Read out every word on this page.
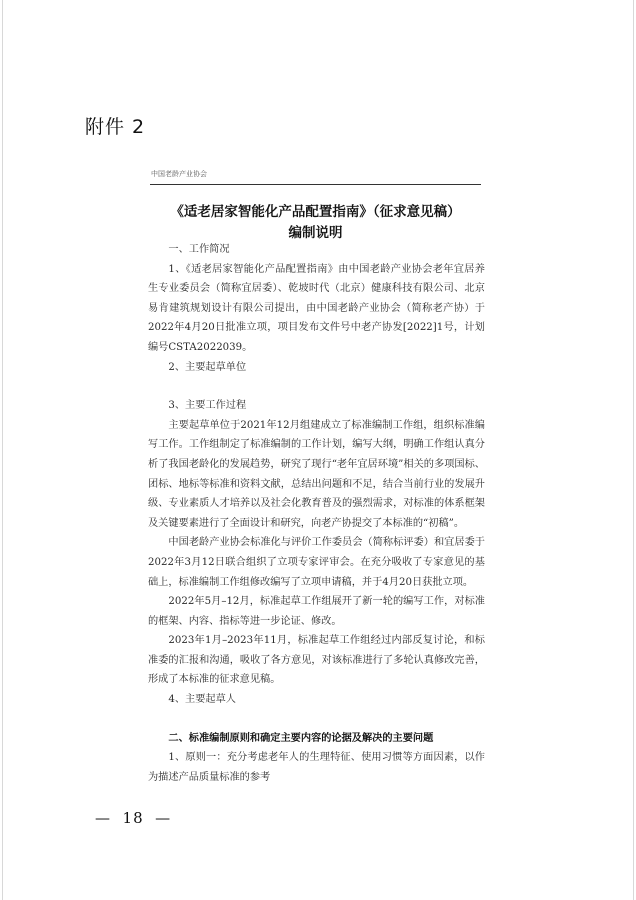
附件 2
中国老龄产业协会
《适老居家智能化产品配置指南》（征求意见稿）
编制说明

一、工作简况

1、《适老居家智能化产品配置指南》由中国老龄产业协会老年宜居养生专业委员会（简称宜居委）、乾坡时代（北京）健康科技有限公司、北京易肯建筑规划设计有限公司提出，由中国老龄产业协会（简称老产协）于2022年4月20日批准立项，项目发布文件号中老产协发[2022]1号，计划编号CSTA2022039。

2、主要起草单位

3、主要工作过程

主要起草单位于2021年12月组建成立了标准编制工作组，组织标准编写工作。工作组制定了标准编制的工作计划，编写大纲，明确工作组认真分析了我国老龄化的发展趋势，研究了现行“老年宜居环境”相关的多项国标、团标、地标等标准和资料文献，总结出问题和不足，结合当前行业的发展升级、专业素质人才培养以及社会化教育普及的强烈需求，对标准的体系框架及关键要素进行了全面设计和研究，向老产协提交了本标准的“初稿”。

中国老龄产业协会标准化与评价工作委员会（简称标评委）和宜居委于2022年3月12日联合组织了立项专家评审会。在充分吸收了专家意见的基础上，标准编制工作组修改编写了立项申请稿，并于4月20日获批立项。

2022年5月–12月，标准起草工作组展开了新一轮的编写工作，对标准的框架、内容、指标等进一步论证、修改。

2023年1月–2023年11月，标准起草工作组经过内部反复讨论，和标准委的汇报和沟通，吸收了各方意见，对该标准进行了多轮认真修改完善，形成了本标准的征求意见稿。

4、主要起草人

二、标准编制原则和确定主要内容的论据及解决的主要问题

1、原则一：充分考虑老年人的生理特征、使用习惯等方面因素，以作为描述产品质量标准的参考

—  18  —
